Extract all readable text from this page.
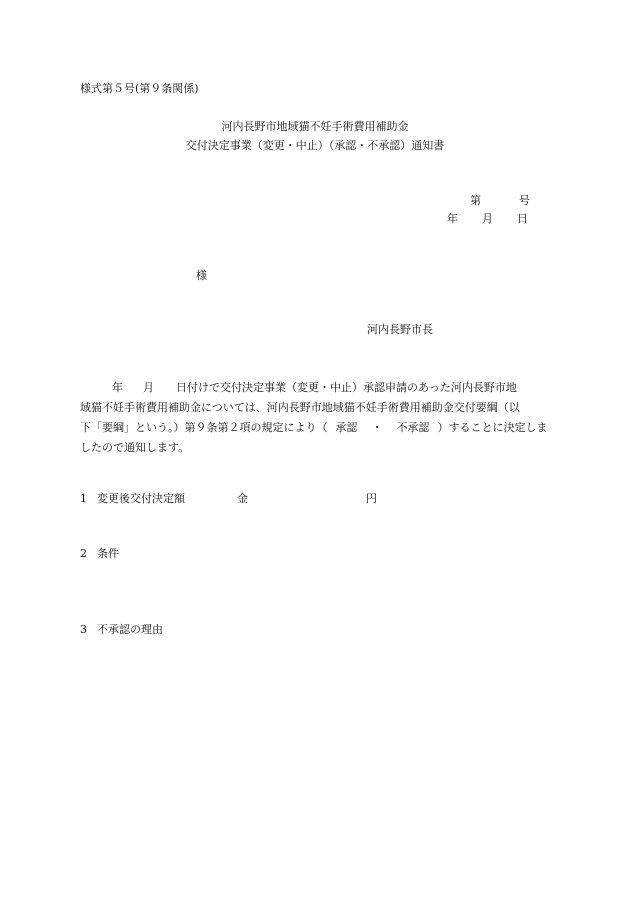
様式第５号(第９条関係)
河内長野市地域猫不妊手術費用補助金
交付決定事業（変更・中止）（承認・不承認）通知書
第	号
年 月 日
様
河内長野市長
年 月 日付けで交付決定事業（変更・中止）承認申請のあった河内長野市地
域猫不妊手術費用補助金については、河内長野市地域猫不妊手術費用補助金交付要綱（以
下「要綱」という。）第９条第２項の規定により（ 承認 ・ 不承認 ）することに決定しま
したので通知します。
1 変更後交付決定額	金	円
2 条件
3 不承認の理由
